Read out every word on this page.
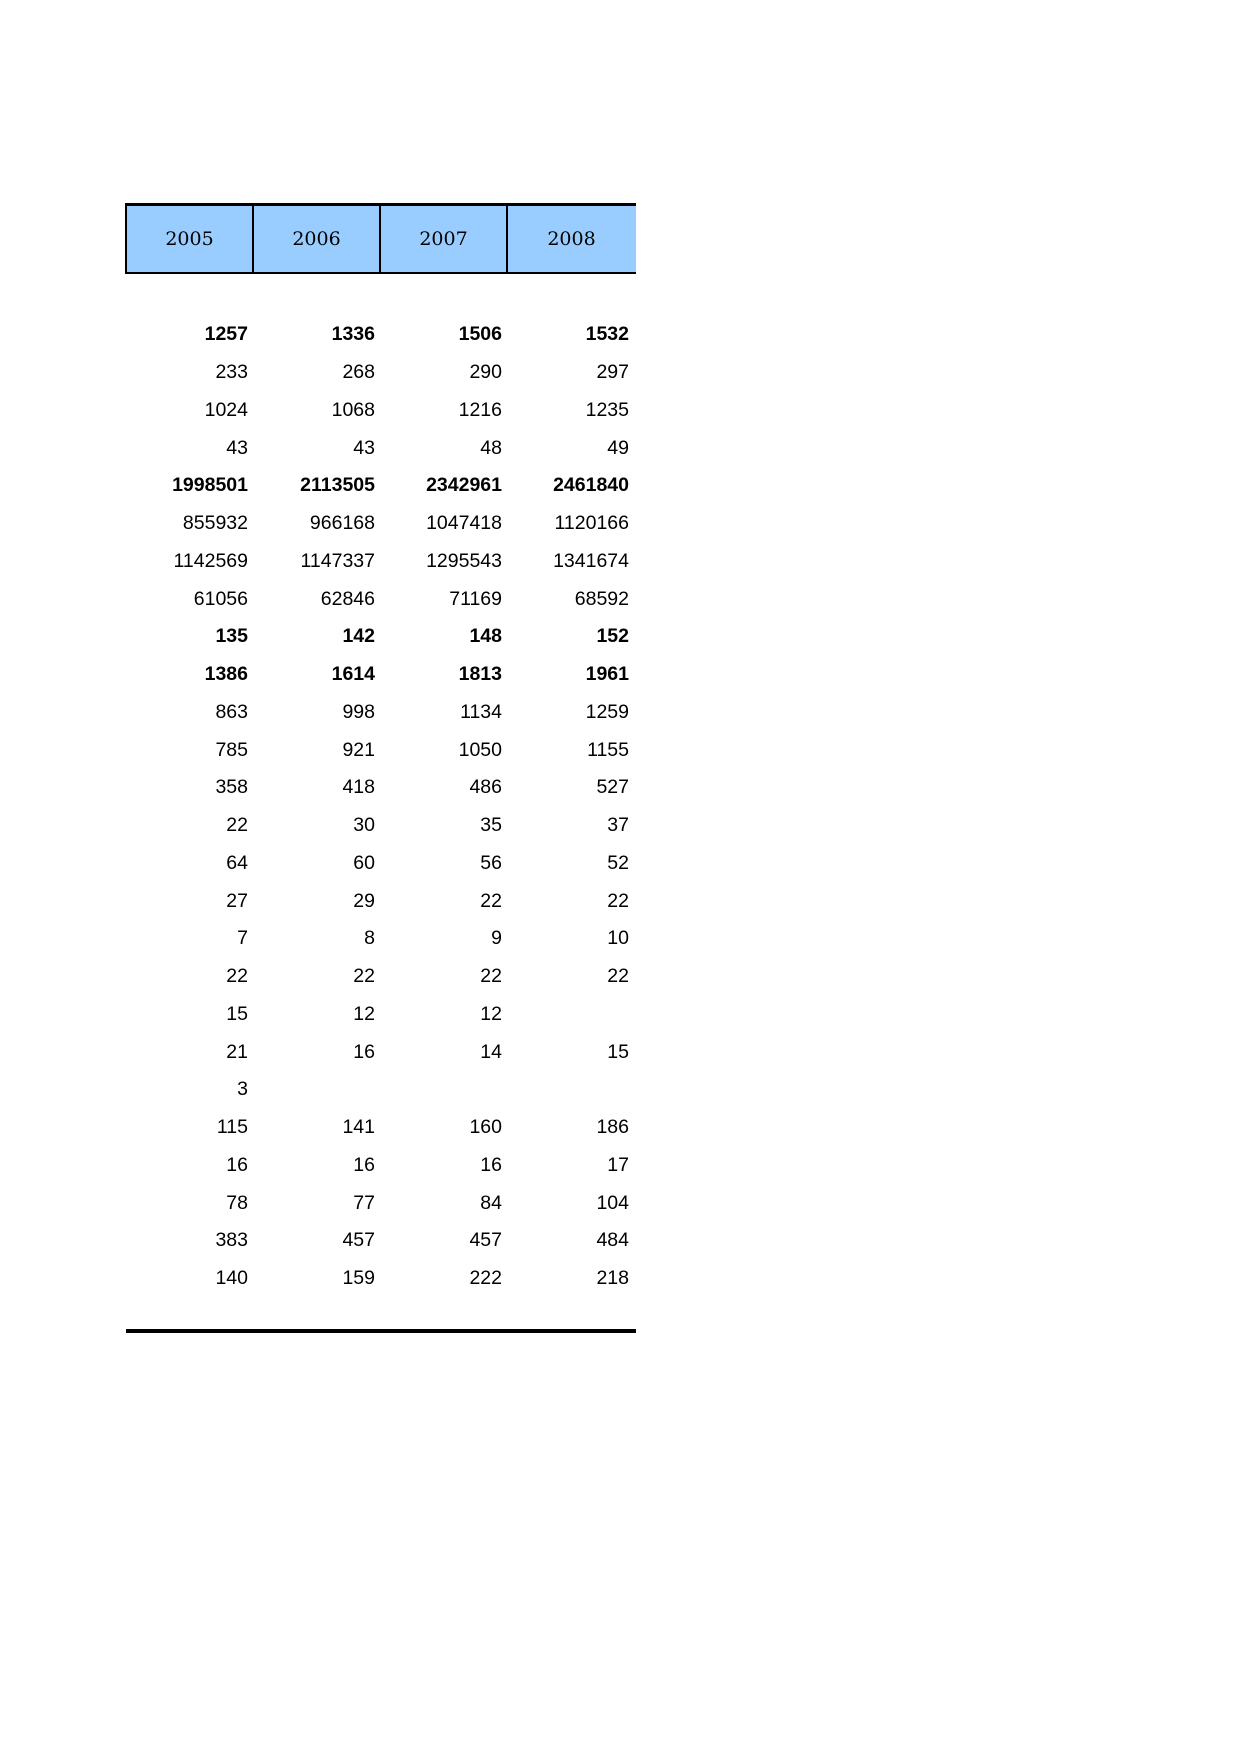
2005	2006	2007	2008
1257	1336	1506	1532
233	268	290	297
1024	1068	1216	1235
43	43	48	49
1998501	2113505	2342961	2461840
855932	966168	1047418	1120166
1142569	1147337	1295543	1341674
61056	62846	71169	68592
135	142	148	152
1386	1614	1813	1961
863	998	1134	1259
785	921	1050	1155
358	418	486	527
22	30	35	37
64	60	56	52
27	29	22	22
7	8	9	10
22	22	22	22
15	12	12
21	16	14	15
3
115	141	160	186
16	16	16	17
78	77	84	104
383	457	457	484
140	159	222	218
